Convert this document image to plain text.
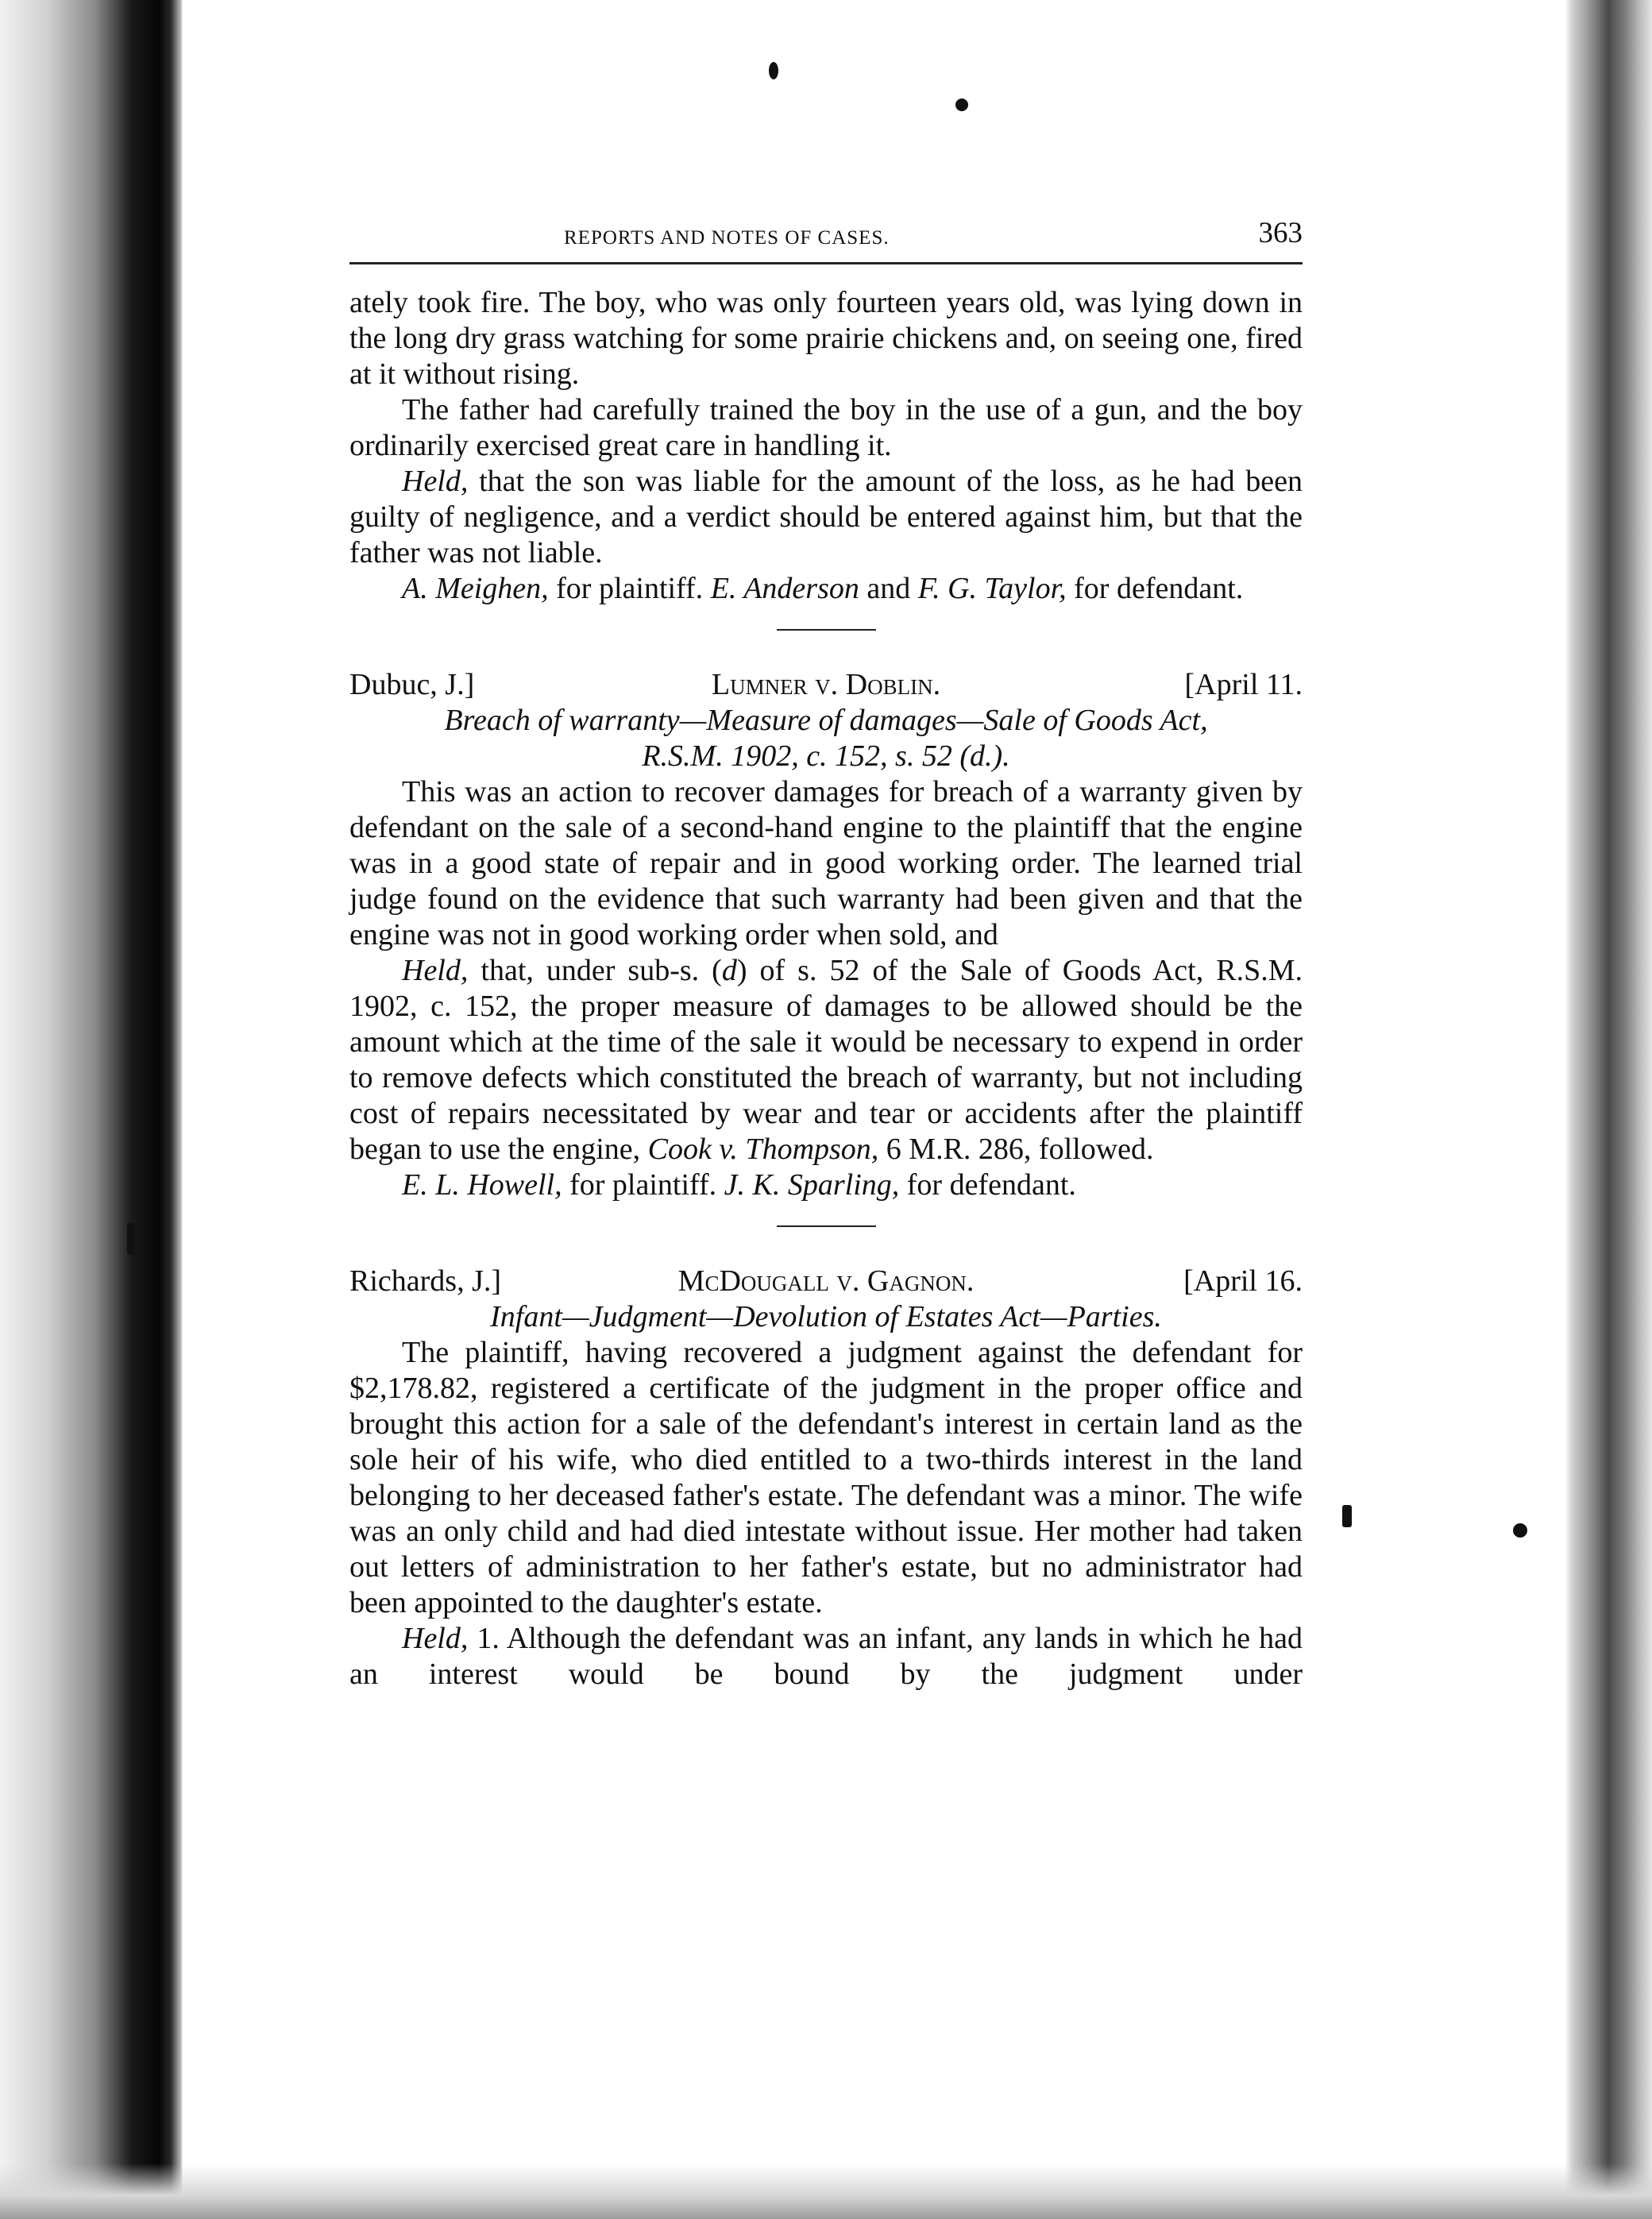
REPORTS AND NOTES OF CASES.	363

ately took fire. The boy, who was only fourteen years old, was lying down in the long dry grass watching for some prairie chickens and, on seeing one, fired at it without rising.

The father had carefully trained the boy in the use of a gun, and the boy ordinarily exercised great care in handling it.

Held, that the son was liable for the amount of the loss, as he had been guilty of negligence, and a verdict should be entered against him, but that the father was not liable.

A. Meighen, for plaintiff. E. Anderson and F. G. Taylor, for defendant.

Dubuc, J.]	Lumner v. Doblin.	[April 11.

Breach of warranty—Measure of damages—Sale of Goods Act,

R.S.M. 1902, c. 152, s. 52 (d.).

This was an action to recover damages for breach of a warranty given by defendant on the sale of a second-hand engine to the plaintiff that the engine was in a good state of repair and in good working order. The learned trial judge found on the evidence that such warranty had been given and that the engine was not in good working order when sold, and

Held, that, under sub-s. (d) of s. 52 of the Sale of Goods Act, R.S.M. 1902, c. 152, the proper measure of damages to be allowed should be the amount which at the time of the sale it would be necessary to expend in order to remove defects which constituted the breach of warranty, but not including cost of repairs necessitated by wear and tear or accidents after the plaintiff began to use the engine, Cook v. Thompson, 6 M.R. 286, followed.

E. L. Howell, for plaintiff. J. K. Sparling, for defendant.

Richards, J.]	McDougall v. Gagnon.	[April 16.

Infant—Judgment—Devolution of Estates Act—Parties.

The plaintiff, having recovered a judgment against the defendant for $2,178.82, registered a certificate of the judgment in the proper office and brought this action for a sale of the defendant's interest in certain land as the sole heir of his wife, who died entitled to a two-thirds interest in the land belonging to her deceased father's estate. The defendant was a minor. The wife was an only child and had died intestate without issue. Her mother had taken out letters of administration to her father's estate, but no administrator had been appointed to the daughter's estate.

Held, 1. Although the defendant was an infant, any lands in which he had an interest would be bound by the judgment under
